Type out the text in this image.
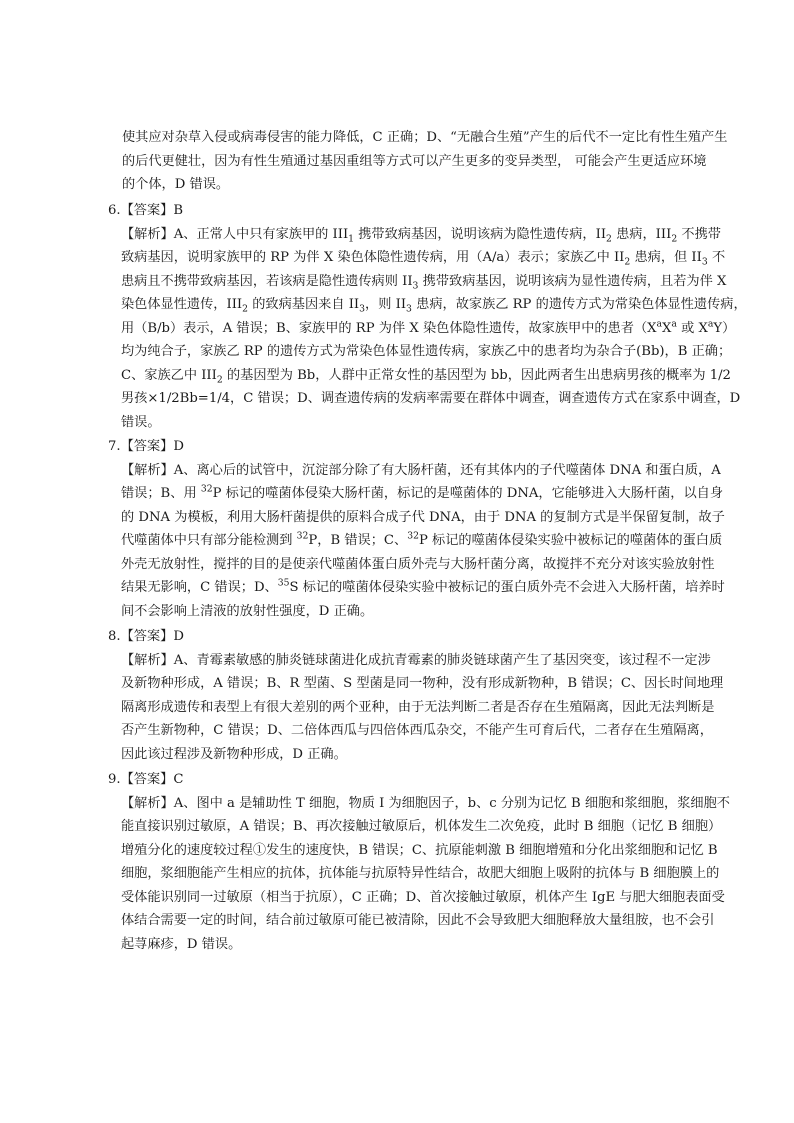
使其应对杂草入侵或病毒侵害的能力降低，C 正确；D、“无融合生殖”产生的后代不一定比有性生殖产生
的后代更健壮，因为有性生殖通过基因重组等方式可以产生更多的变异类型， 可能会产生更适应环境
的个体，D 错误。
6.【答案】B
【解析】A、正常人中只有家族甲的 $III_1$ 携带致病基因，说明该病为隐性遗传病，$II_2$ 患病，$III_2$ 不携带
致病基因，说明家族甲的 RP 为伴 X 染色体隐性遗传病，用（A/a）表示；家族乙中 $II_2$ 患病，但 $II_3$ 不
患病且不携带致病基因，若该病是隐性遗传病则 $II_3$ 携带致病基因，说明该病为显性遗传病，且若为伴 X
染色体显性遗传，$III_2$ 的致病基因来自 $II_3$，则 $II_3$ 患病，故家族乙 RP 的遗传方式为常染色体显性遗传病，
用（B/b）表示，A 错误；B、家族甲的 RP 为伴 X 染色体隐性遗传，故家族甲中的患者（$X^aX^a$ 或 $X^aY$）
均为纯合子，家族乙 RP 的遗传方式为常染色体显性遗传病，家族乙中的患者均为杂合子(Bb)，B 正确；
C、家族乙中 $III_2$ 的基因型为 Bb，人群中正常女性的基因型为 bb，因此两者生出患病男孩的概率为 1/2
男孩×1/2Bb=1/4，C 错误；D、调查遗传病的发病率需要在群体中调查，调查遗传方式在家系中调查，D
错误。
7.【答案】D
【解析】A、离心后的试管中，沉淀部分除了有大肠杆菌，还有其体内的子代噬菌体 DNA 和蛋白质，A
错误；B、用 $^{32}$P 标记的噬菌体侵染大肠杆菌，标记的是噬菌体的 DNA，它能够进入大肠杆菌，以自身
的 DNA 为模板，利用大肠杆菌提供的原料合成子代 DNA，由于 DNA 的复制方式是半保留复制，故子
代噬菌体中只有部分能检测到 $^{32}$P，B 错误；C、$^{32}$P 标记的噬菌体侵染实验中被标记的噬菌体的蛋白质
外壳无放射性，搅拌的目的是使亲代噬菌体蛋白质外壳与大肠杆菌分离，故搅拌不充分对该实验放射性
结果无影响，C 错误；D、$^{35}$S 标记的噬菌体侵染实验中被标记的蛋白质外壳不会进入大肠杆菌，培养时
间不会影响上清液的放射性强度，D 正确。
8.【答案】D
【解析】A、青霉素敏感的肺炎链球菌进化成抗青霉素的肺炎链球菌产生了基因突变，该过程不一定涉
及新物种形成，A 错误；B、R 型菌、S 型菌是同一物种，没有形成新物种，B 错误；C、因长时间地理
隔离形成遗传和表型上有很大差别的两个亚种，由于无法判断二者是否存在生殖隔离，因此无法判断是
否产生新物种，C 错误；D、二倍体西瓜与四倍体西瓜杂交，不能产生可育后代，二者存在生殖隔离，
因此该过程涉及新物种形成，D 正确。
9.【答案】C
【解析】A、图中 a 是辅助性 T 细胞，物质 I 为细胞因子，b、c 分别为记忆 B 细胞和浆细胞，浆细胞不
能直接识别过敏原，A 错误；B、再次接触过敏原后，机体发生二次免疫，此时 B 细胞（记忆 B 细胞）
增殖分化的速度较过程①发生的速度快，B 错误；C、抗原能刺激 B 细胞增殖和分化出浆细胞和记忆 B
细胞，浆细胞能产生相应的抗体，抗体能与抗原特异性结合，故肥大细胞上吸附的抗体与 B 细胞膜上的
受体能识别同一过敏原（相当于抗原），C 正确；D、首次接触过敏原，机体产生 IgE 与肥大细胞表面受
体结合需要一定的时间，结合前过敏原可能已被清除，因此不会导致肥大细胞释放大量组胺，也不会引
起荨麻疹，D 错误。
